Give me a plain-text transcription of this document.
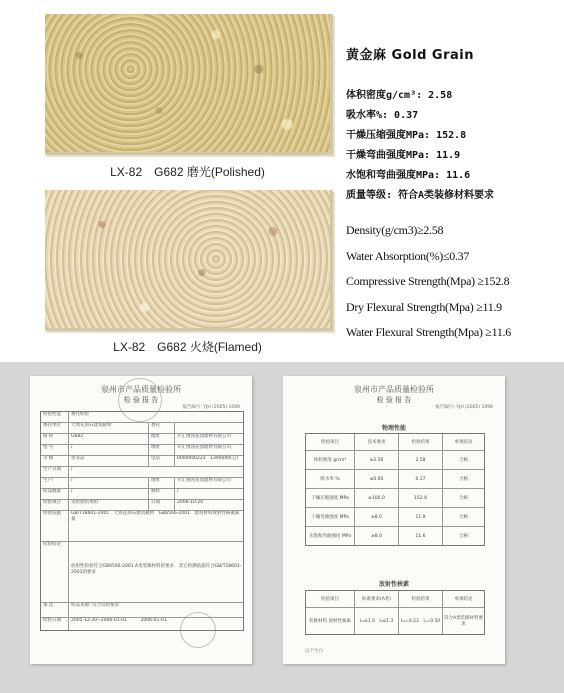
LX-82　G682 磨光(Polished)
LX-82　G682 火烧(Flamed)
黄金麻 Gold Grain
体积密度g/cm³: 2.58
吸水率%: 0.37
干燥压缩强度MPa: 152.8
干燥弯曲强度MPa: 11.9
水饱和弯曲强度MPa: 11.6
质量等级: 符合A类装修材料要求
Density(g/cm3)≥2.58
Water Absorption(%)≤0.37
Compressive Strength(Mpa) ≥152.8
Dry Flexural Strength(Mpa) ≥11.9
Water Flexural Strength(Mpa) ≥11.6
泉州市产品质量检验所
检 验 报 告
报告编号: YJH (2005) 1090
检验性能	委托检验
委托单位	天然花岗石建筑板材	委托
商 标	G682	地址	开汇图园花园建材有限公司
型 号	/	地址	开汇图园花园建材有限公司
等 级	优等品	电话	0000000222　1390000(公)
生产日期	/
生产厂	/	地址	开汇图园花园建材有限公司
样品数量	/	抽样	/
检验项目	见检验结果附	日期	2006-10-20
检验依据	GB/T18601-2001　天然花岗石建筑板材　GB6566-2001　建筑材料放射性核素限量
检验结论
放射性检验符合GB6566-2001 A类装修材料的要求　其它检测依据符合GB/T18601-2001的要求
备 注	样品来源: 符合试验要求
检验日期	2005-12-30~2006-01-01　　　2006-01-01
泉州市产品质量检验所
检 验 报 告
报告编号: YJH (2005) 1090
物理性能
检验项目	技术要求	检验结果	单项结论
体积密度 g/cm³	≥2.56	2.58	合格
吸水率 %	≤0.60	0.37	合格
干燥压缩强度 MPa	≥100.0	152.8	合格
干燥弯曲强度 MPa	≥8.0	11.9	合格
水饱和弯曲强度 MPa	≥8.0	11.6	合格
放射性核素
检验项目	标准要求(A类)	检验结果	单项结论
装修材料 放射性核素	Iᵣₐ≤1.0　Iᵧ≤1.3	Iᵣₐ=0.23　Iᵧ=0.50
符合A类装修材料要求
以下空白
